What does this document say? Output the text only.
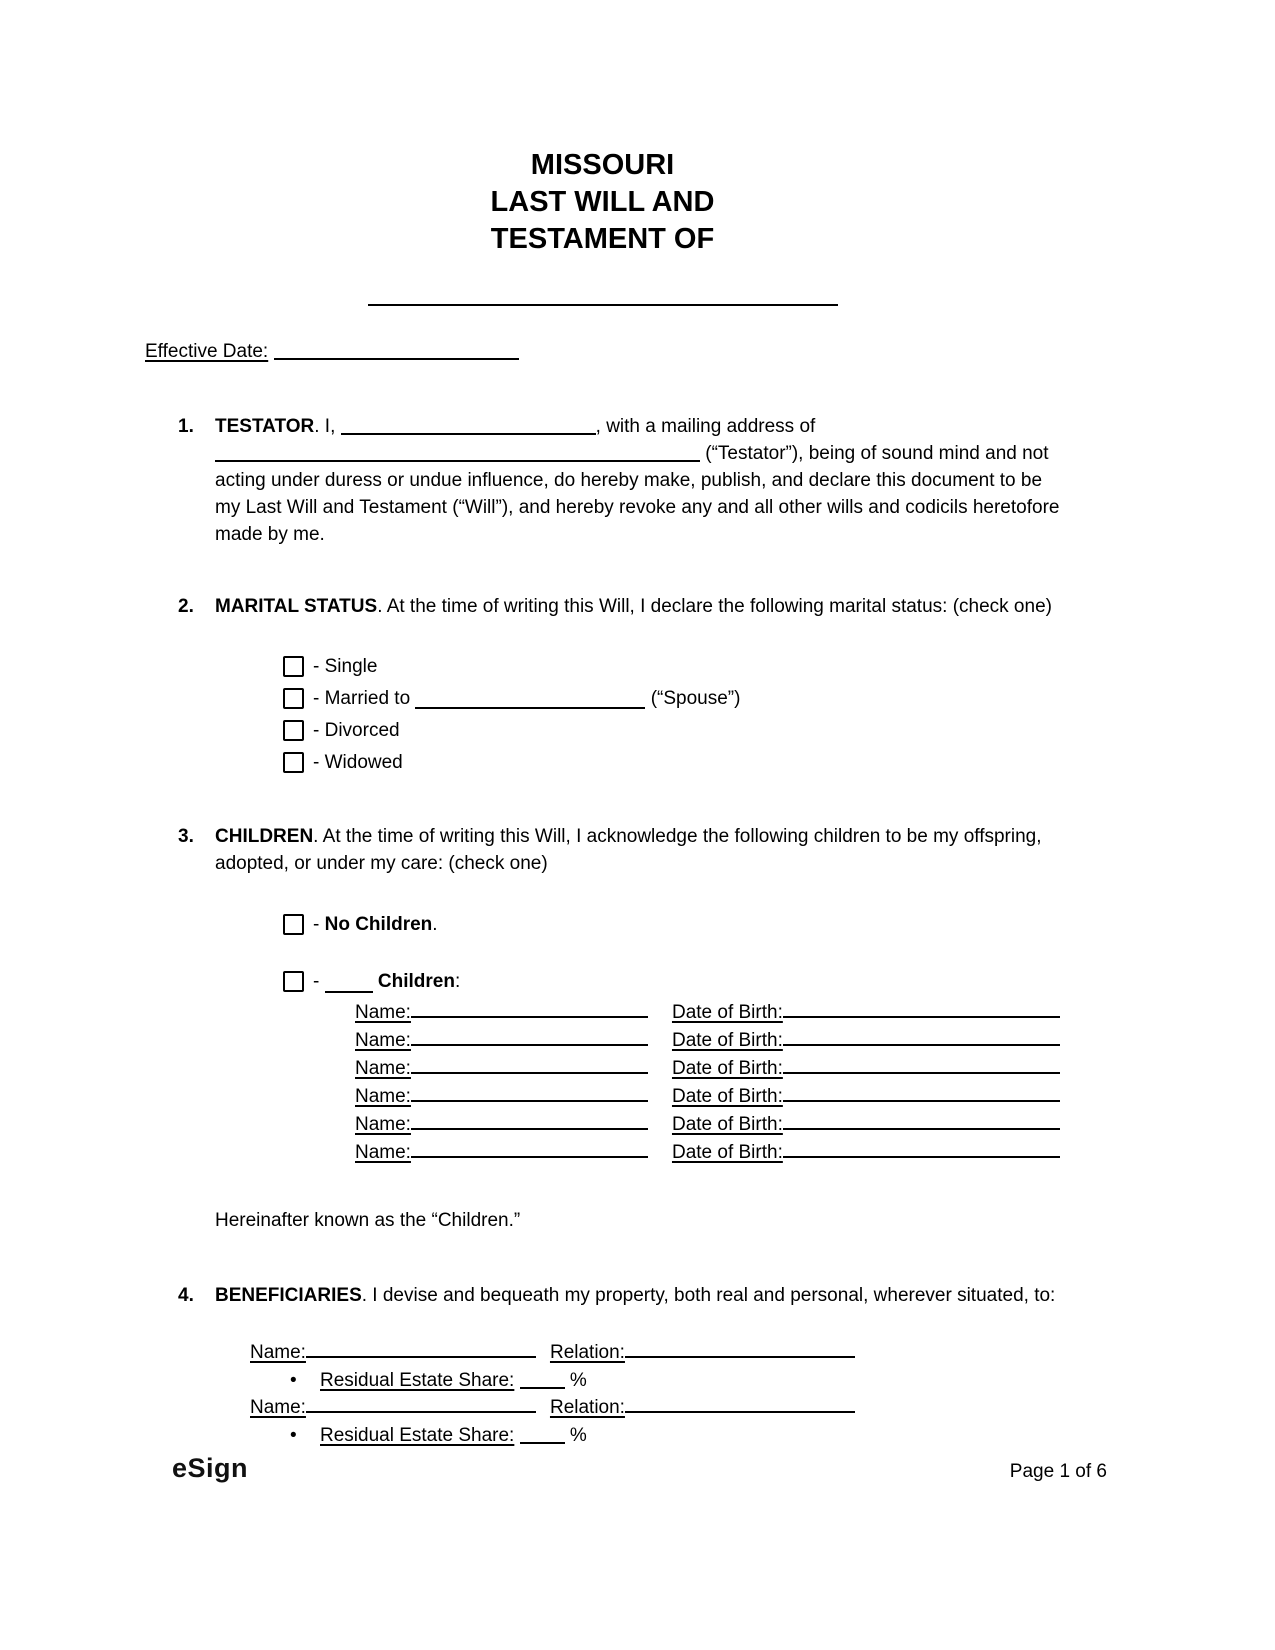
MISSOURI
LAST WILL AND
TESTAMENT OF
Effective Date:
1.	TESTATOR. I,	, with a mailing address of  (“Testator”), being of sound mind and not acting under duress or undue influence, do hereby make, publish, and declare this document to be my Last Will and Testament (“Will”), and hereby revoke any and all other wills and codicils heretofore made by me.
2.	MARITAL STATUS. At the time of writing this Will, I declare the following marital status: (check one)
- Single
- Married to

	(“Spouse”)
- Divorced
- Widowed
3.	CHILDREN. At the time of writing this Will, I acknowledge the following children to be my offspring, adopted, or under my care: (check one)
-
No Children .
-

	Children :
Name:	Date of Birth:
Name:	Date of Birth:
Name:	Date of Birth:
Name:	Date of Birth:
Name:	Date of Birth:
Name:	Date of Birth:
Hereinafter known as the “Children.”
4.	BENEFICIARIES. I devise and bequeath my property, both real and personal, wherever situated, to:
Name:	Relation:
• Residual Estate Share:	%
Name:	Relation:
• Residual Estate Share:	%
eSign	Page 1 of 6
